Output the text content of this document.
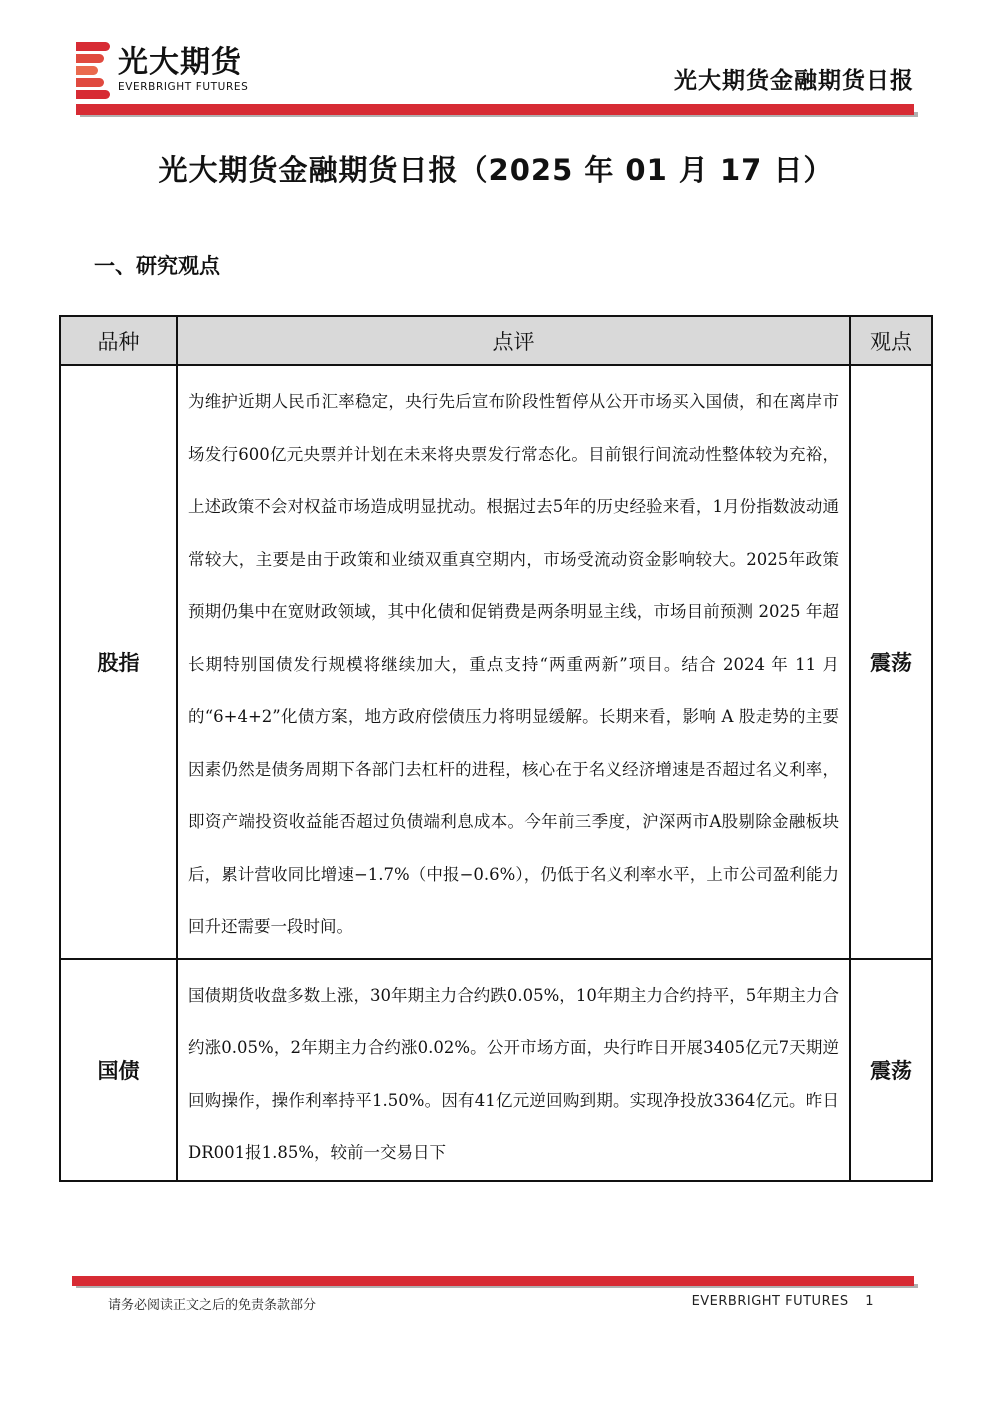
光大期货
EVERBRIGHT FUTURES	光大期货金融期货日报
光大期货金融期货日报（2025 年 01 月 17 日）
一、研究观点
品种	点评	观点
股指	为维护近期人民币汇率稳定，央行先后宣布阶段性暂停从公开市场买入国债，和在离岸市场发行600亿元央票并计划在未来将央票发行常态化。目前银行间流动性整体较为充裕，上述政策不会对权益市场造成明显扰动。根据过去5年的历史经验来看，1月份指数波动通常较大，主要是由于政策和业绩双重真空期内，市场受流动资金影响较大。2025年政策预期仍集中在宽财政领域，其中化债和促销费是两条明显主线，市场目前预测 2025 年超长期特别国债发行规模将继续加大，重点支持“两重两新”项目。结合 2024 年 11 月的“6+4+2”化债方案，地方政府偿债压力将明显缓解。长期来看，影响 A 股走势的主要因素仍然是债务周期下各部门去杠杆的进程，核心在于名义经济增速是否超过名义利率，即资产端投资收益能否超过负债端利息成本。今年前三季度，沪深两市A股剔除金融板块后，累计营收同比增速−1.7%（中报−0.6%），仍低于名义利率水平，上市公司盈利能力回升还需要一段时间。	震荡
国债	国债期货收盘多数上涨，30年期主力合约跌0.05%，10年期主力合约持平，5年期主力合约涨0.05%，2年期主力合约涨0.02%。公开市场方面，央行昨日开展3405亿元7天期逆回购操作，操作利率持平1.50%。因有41亿元逆回购到期。实现净投放3364亿元。昨日DR001报1.85%，较前一交易日下	震荡
请务必阅读正文之后的免责条款部分	EVERBRIGHT FUTURES 1
